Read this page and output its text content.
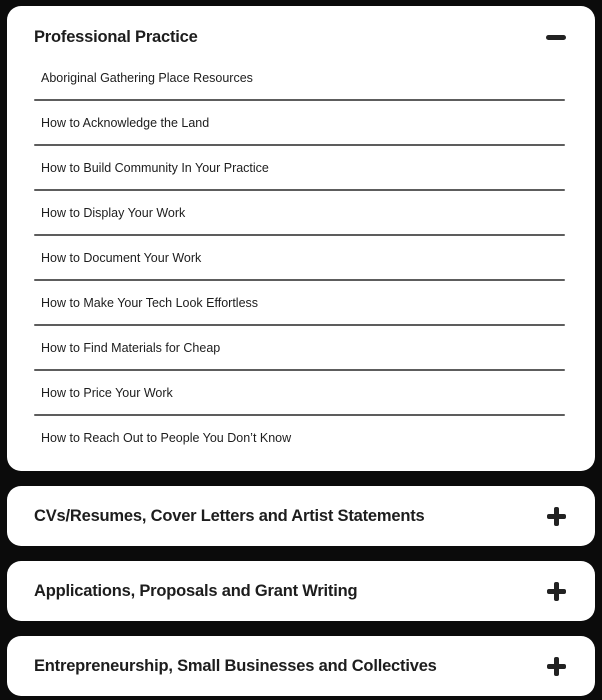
Professional Practice
Aboriginal Gathering Place Resources
How to Acknowledge the Land
How to Build Community In Your Practice
How to Display Your Work
How to Document Your Work
How to Make Your Tech Look Effortless
How to Find Materials for Cheap
How to Price Your Work
How to Reach Out to People You Don’t Know
CVs/Resumes, Cover Letters and Artist Statements
Applications, Proposals and Grant Writing
Entrepreneurship, Small Businesses and Collectives
